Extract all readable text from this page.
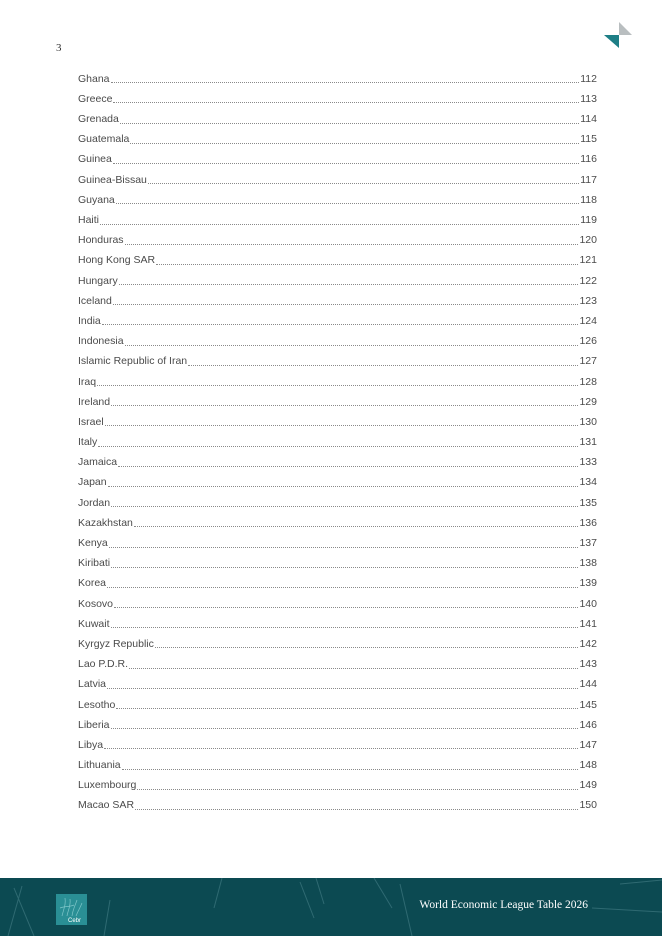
3
Ghana	112
Greece	113
Grenada	114
Guatemala	115
Guinea	116
Guinea-Bissau	117
Guyana	118
Haiti	119
Honduras	120
Hong Kong SAR	121
Hungary	122
Iceland	123
India	124
Indonesia	126
Islamic Republic of Iran	127
Iraq	128
Ireland	129
Israel	130
Italy	131
Jamaica	133
Japan	134
Jordan	135
Kazakhstan	136
Kenya	137
Kiribati	138
Korea	139
Kosovo	140
Kuwait	141
Kyrgyz Republic	142
Lao P.D.R.	143
Latvia	144
Lesotho	145
Liberia	146
Libya	147
Lithuania	148
Luxembourg	149
Macao SAR	150
Cebr
World Economic League Table 2026
